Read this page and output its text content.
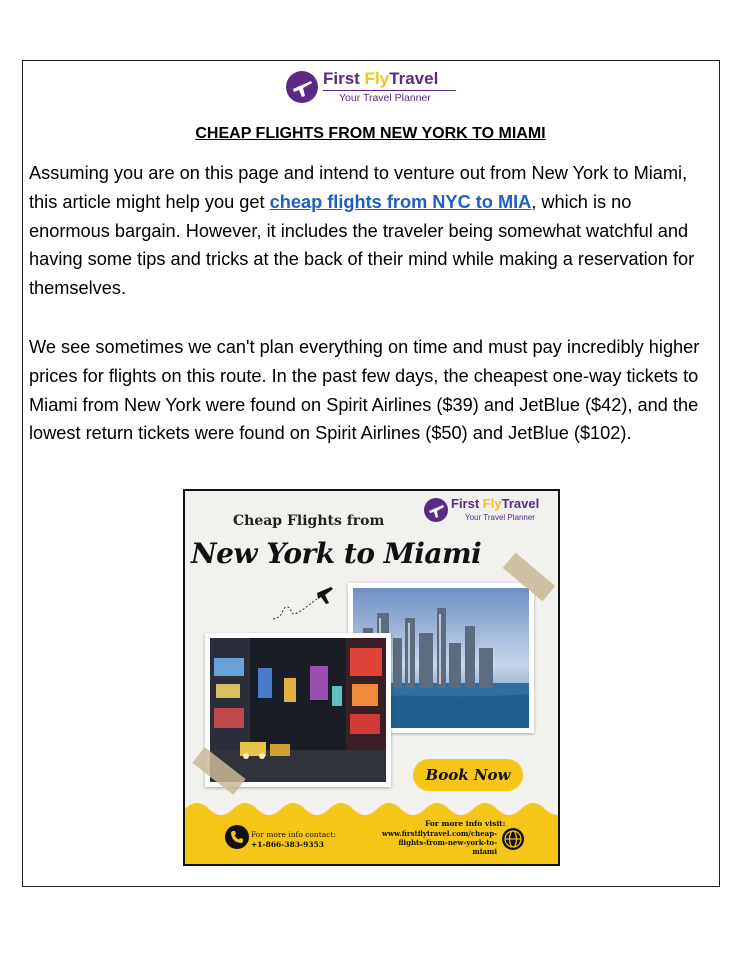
First FlyTravel
Your Travel Planner
CHEAP FLIGHTS FROM NEW YORK TO MIAMI
Assuming you are on this page and intend to venture out from New York to Miami, this article might help you get cheap flights from NYC to MIA, which is no enormous bargain. However, it includes the traveler being somewhat watchful and having some tips and tricks at the back of their mind while making a reservation for themselves.
We see sometimes we can't plan everything on time and must pay incredibly higher prices for flights on this route. In the past few days, the cheapest one-way tickets to Miami from New York were found on Spirit Airlines ($39) and JetBlue ($42), and the lowest return tickets were found on Spirit Airlines ($50) and JetBlue ($102).
First FlyTravel
Your Travel Planner
Cheap Flights from
New York to Miami
Book Now
For more info contact:
+1-866-383-9353
For more info visit:
www.firstflytravel.com/cheap-flights-from-new-york-to-miami
